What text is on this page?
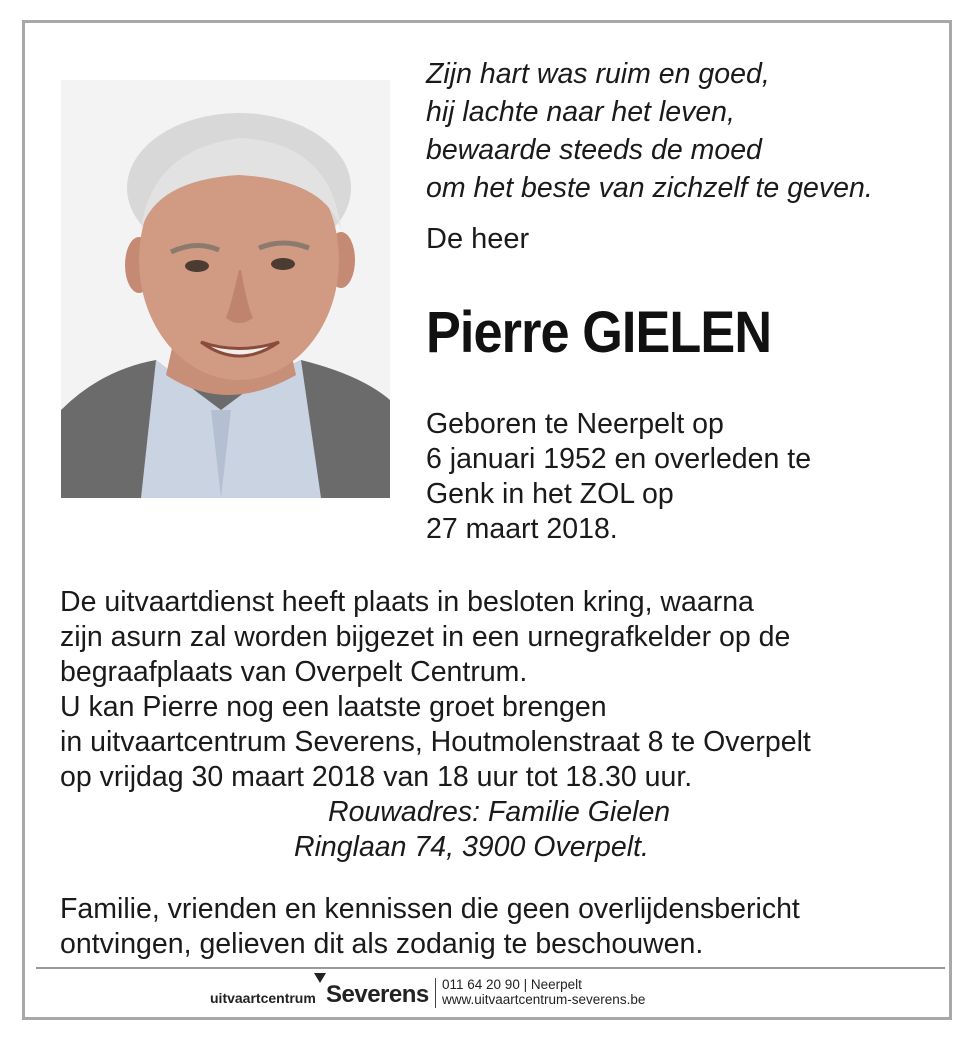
Zijn hart was ruim en goed,
hij lachte naar het leven,
bewaarde steeds de moed
om het beste van zichzelf te geven.
De heer
Pierre GIELEN
Geboren te Neerpelt op
6 januari 1952 en overleden te
Genk in het ZOL op
27 maart 2018.
De uitvaartdienst heeft plaats in besloten kring, waarna
zijn asurn zal worden bijgezet in een urnegrafkelder op de
begraafplaats van Overpelt Centrum.
U kan Pierre nog een laatste groet brengen
in uitvaartcentrum Severens, Houtmolenstraat 8 te Overpelt
op vrijdag 30 maart 2018 van 18 uur tot 18.30 uur.
Rouwadres: Familie Gielen
Ringlaan 74, 3900 Overpelt.
Familie, vrienden en kennissen die geen overlijdensbericht
ontvingen, gelieven dit als zodanig te beschouwen.
uitvaartcentrum Severens 011 64 20 90 | Neerpelt
www.uitvaartcentrum-severens.be
